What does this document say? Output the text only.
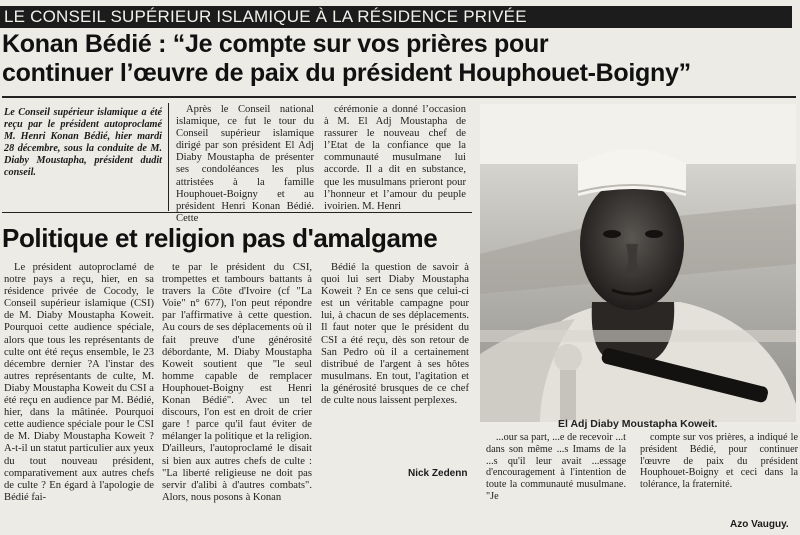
LE CONSEIL SUPÉRIEUR ISLAMIQUE À LA RÉSIDENCE PRIVÉE
Konan Bédié : “Je compte sur vos prières pour
continuer l’œuvre de paix du président Houphouet-Boigny”
Le Conseil supérieur islamique a été reçu par le président autoproclamé M. Henri Konan Bédié, hier mardi 28 décembre, sous la conduite de M. Diaby Moustapha, président dudit conseil.

Après le Conseil national islamique, ce fut le tour du Conseil supérieur islamique dirigé par son président El Adj Diaby Moustapha de présenter ses condoléances les plus attristées à la famille Houphouet-Boigny et au président Henri Konan Bédié. Cette

cérémonie a donné l’occasion à M. El Adj Moustapha de rassurer le nouveau chef de l’Etat de la confiance que la communauté musulmane lui accorde. Il a dit en substance, que les musulmans prieront pour l’honneur et l’amour du peuple ivoirien. M. Henri

Politique et religion pas d'amalgame

Le président autoproclamé de notre pays a reçu, hier, en sa résidence privée de Cocody, le Conseil supérieur islamique (CSI) de M. Diaby Moustapha Koweit. Pourquoi cette audience spéciale, alors que tous les représentants de culte ont été reçus ensemble, le 23 décembre dernier ?A l'instar des autres représentants de culte, M. Diaby Moustapha Koweit du CSI a été reçu en audience par M. Bédié, hier, dans la mâtinée. Pourquoi cette audience spéciale pour le CSI de M. Diaby Moustapha Koweit ? A-t-il un statut particulier aux yeux du tout nouveau président, comparativement aux autres chefs de culte ? En égard à l'apologie de Bédié fai-

te par le président du CSI, trompettes et tambours battants à travers la Côte d'Ivoire (cf "La Voie" n° 677), l'on peut répondre par l'affirmative à cette question. Au cours de ses déplacements où il fait preuve d'une générosité débordante, M. Diaby Moustapha Koweit soutient que "le seul homme capable de remplacer Houphouet-Boigny est Henri Konan Bédié". Avec un tel discours, l'on est en droit de crier gare ! parce qu'il faut éviter de mélanger la politique et la religion. D'ailleurs, l'autoproclamé le disait si bien aux autres chefs de culte : "La liberté religieuse ne doit pas servir d'alibi à d'autres combats". Alors, nous posons à Konan

Bédié la question de savoir à quoi lui sert Diaby Moustapha Koweit ? En ce sens que celui-ci est un véritable campagne pour lui, à chacun de ses déplacements. Il faut noter que le président du CSI a été reçu, dès son retour de San Pedro où il a certainement distribué de l'argent à ses hôtes musulmans. En tout, l'agitation et la générosité brusques de ce chef de culte nous laissent perplexes.

Nick Zedenn
El Adj Diaby Moustapha Koweit.

...our sa part, ...e de recevoir ...t dans son même ...s Imams de la ...s qu'il leur avait ...essage d'encouragement à l'intention de toute la communauté musulmane. "Je

compte sur vos prières, a indiqué le président Bédié, pour continuer l'œuvre de paix du président Houphouet-Boigny et ceci dans la tolérance, la fraternité.

Azo Vauguy.
